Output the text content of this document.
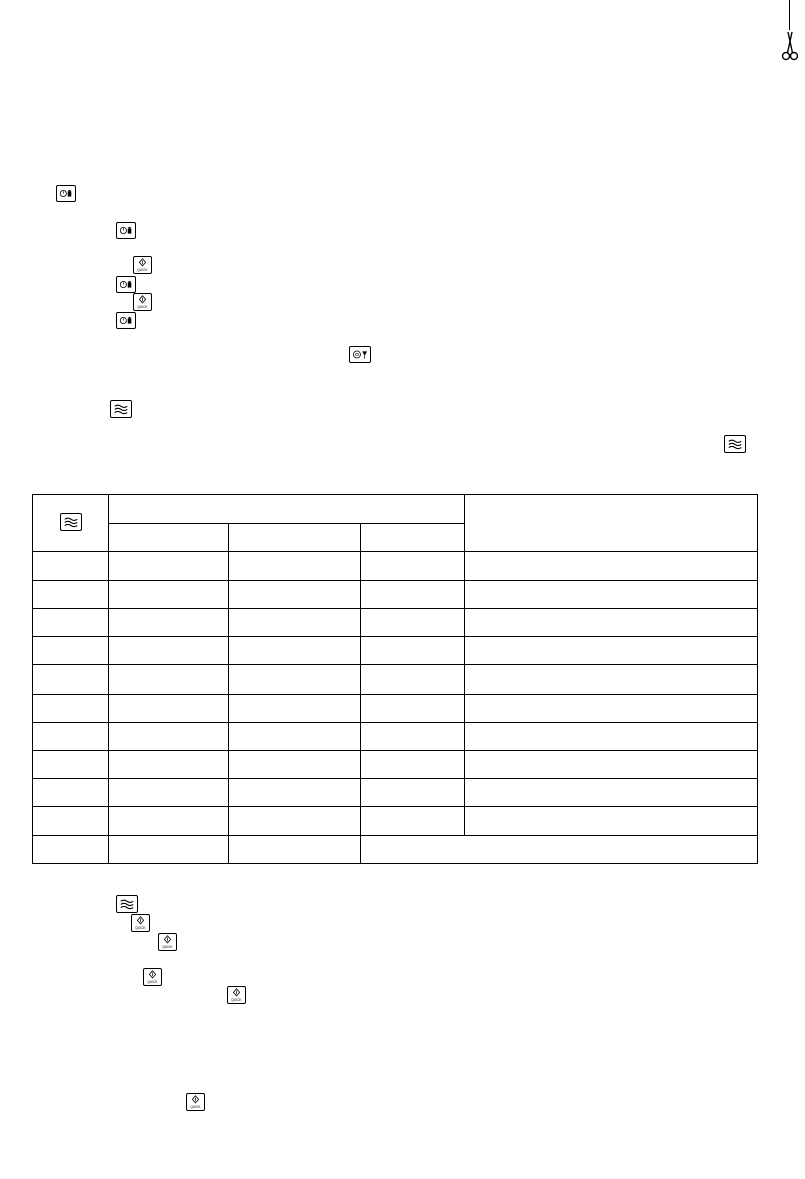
QUICK
QUICK

QUICK
QUICK
QUICK
QUICK
QUICK
